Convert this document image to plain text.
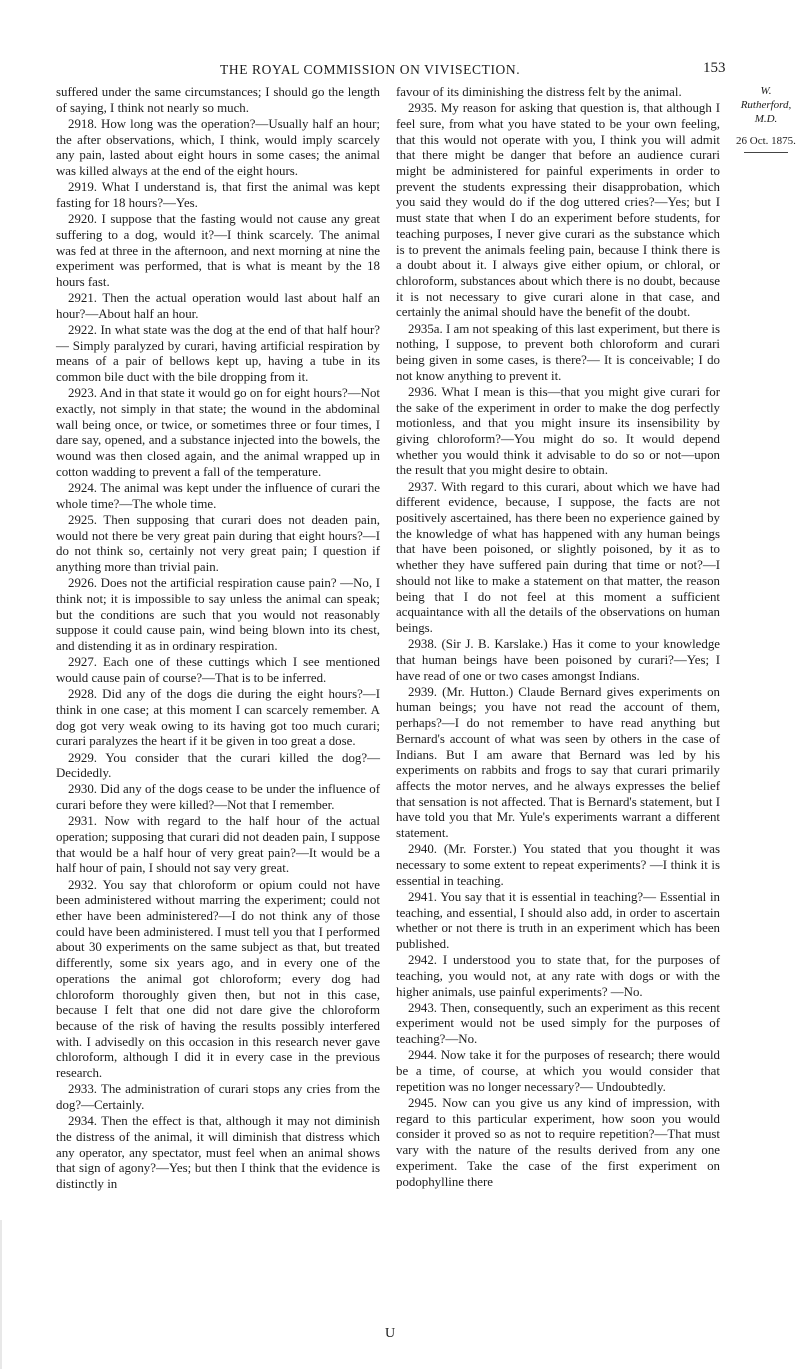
THE ROYAL COMMISSION ON VIVISECTION.	153
W. Rutherford, M.D.
26 Oct. 1875.

suffered under the same circumstances; I should go the length of saying, I think not nearly so much.

2918. How long was the operation?—Usually half an hour; the after observations, which, I think, would imply scarcely any pain, lasted about eight hours in some cases; the animal was killed always at the end of the eight hours.

2919. What I understand is, that first the animal was kept fasting for 18 hours?—Yes.

2920. I suppose that the fasting would not cause any great suffering to a dog, would it?—I think scarcely. The animal was fed at three in the afternoon, and next morning at nine the experiment was performed, that is what is meant by the 18 hours fast.

2921. Then the actual operation would last about half an hour?—About half an hour.

2922. In what state was the dog at the end of that half hour?— Simply paralyzed by curari, having artificial respiration by means of a pair of bellows kept up, having a tube in its common bile duct with the bile dropping from it.

2923. And in that state it would go on for eight hours?—Not exactly, not simply in that state; the wound in the abdominal wall being once, or twice, or sometimes three or four times, I dare say, opened, and a substance injected into the bowels, the wound was then closed again, and the animal wrapped up in cotton wadding to prevent a fall of the temperature.

2924. The animal was kept under the influence of curari the whole time?—The whole time.

2925. Then supposing that curari does not deaden pain, would not there be very great pain during that eight hours?—I do not think so, certainly not very great pain; I question if anything more than trivial pain.

2926. Does not the artificial respiration cause pain? —No, I think not; it is impossible to say unless the animal can speak; but the conditions are such that you would not reasonably suppose it could cause pain, wind being blown into its chest, and distending it as in ordinary respiration.

2927. Each one of these cuttings which I see mentioned would cause pain of course?—That is to be inferred.

2928. Did any of the dogs die during the eight hours?—I think in one case; at this moment I can scarcely remember. A dog got very weak owing to its having got too much curari; curari paralyzes the heart if it be given in too great a dose.

2929. You consider that the curari killed the dog?— Decidedly.

2930. Did any of the dogs cease to be under the influence of curari before they were killed?—Not that I remember.

2931. Now with regard to the half hour of the actual operation; supposing that curari did not deaden pain, I suppose that would be a half hour of very great pain?—It would be a half hour of pain, I should not say very great.

2932. You say that chloroform or opium could not have been administered without marring the experiment; could not ether have been administered?—I do not think any of those could have been administered. I must tell you that I performed about 30 experiments on the same subject as that, but treated differently, some six years ago, and in every one of the operations the animal got chloroform; every dog had chloroform thoroughly given then, but not in this case, because I felt that one did not dare give the chloroform because of the risk of having the results possibly interfered with. I advisedly on this occasion in this research never gave chloroform, although I did it in every case in the previous research.

2933. The administration of curari stops any cries from the dog?—Certainly.

2934. Then the effect is that, although it may not diminish the distress of the animal, it will diminish that distress which any operator, any spectator, must feel when an animal shows that sign of agony?—Yes; but then I think that the evidence is distinctly in

favour of its diminishing the distress felt by the animal.

2935. My reason for asking that question is, that although I feel sure, from what you have stated to be your own feeling, that this would not operate with you, I think you will admit that there might be danger that before an audience curari might be administered for painful experiments in order to prevent the students expressing their disapprobation, which you said they would do if the dog uttered cries?—Yes; but I must state that when I do an experiment before students, for teaching purposes, I never give curari as the substance which is to prevent the animals feeling pain, because I think there is a doubt about it. I always give either opium, or chloral, or chloroform, substances about which there is no doubt, because it is not necessary to give curari alone in that case, and certainly the animal should have the benefit of the doubt.

2935a. I am not speaking of this last experiment, but there is nothing, I suppose, to prevent both chloroform and curari being given in some cases, is there?— It is conceivable; I do not know anything to prevent it.

2936. What I mean is this—that you might give curari for the sake of the experiment in order to make the dog perfectly motionless, and that you might insure its insensibility by giving chloroform?—You might do so. It would depend whether you would think it advisable to do so or not—upon the result that you might desire to obtain.

2937. With regard to this curari, about which we have had different evidence, because, I suppose, the facts are not positively ascertained, has there been no experience gained by the knowledge of what has happened with any human beings that have been poisoned, or slightly poisoned, by it as to whether they have suffered pain during that time or not?—I should not like to make a statement on that matter, the reason being that I do not feel at this moment a sufficient acquaintance with all the details of the observations on human beings.

2938. (Sir J. B. Karslake.) Has it come to your knowledge that human beings have been poisoned by curari?—Yes; I have read of one or two cases amongst Indians.

2939. (Mr. Hutton.) Claude Bernard gives experiments on human beings; you have not read the account of them, perhaps?—I do not remember to have read anything but Bernard's account of what was seen by others in the case of Indians. But I am aware that Bernard was led by his experiments on rabbits and frogs to say that curari primarily affects the motor nerves, and he always expresses the belief that sensation is not affected. That is Bernard's statement, but I have told you that Mr. Yule's experiments warrant a different statement.

2940. (Mr. Forster.) You stated that you thought it was necessary to some extent to repeat experiments? —I think it is essential in teaching.

2941. You say that it is essential in teaching?— Essential in teaching, and essential, I should also add, in order to ascertain whether or not there is truth in an experiment which has been published.

2942. I understood you to state that, for the purposes of teaching, you would not, at any rate with dogs or with the higher animals, use painful experiments? —No.

2943. Then, consequently, such an experiment as this recent experiment would not be used simply for the purposes of teaching?—No.

2944. Now take it for the purposes of research; there would be a time, of course, at which you would consider that repetition was no longer necessary?— Undoubtedly.

2945. Now can you give us any kind of impression, with regard to this particular experiment, how soon you would consider it proved so as not to require repetition?—That must vary with the nature of the results derived from any one experiment. Take the case of the first experiment on podophylline there

U
